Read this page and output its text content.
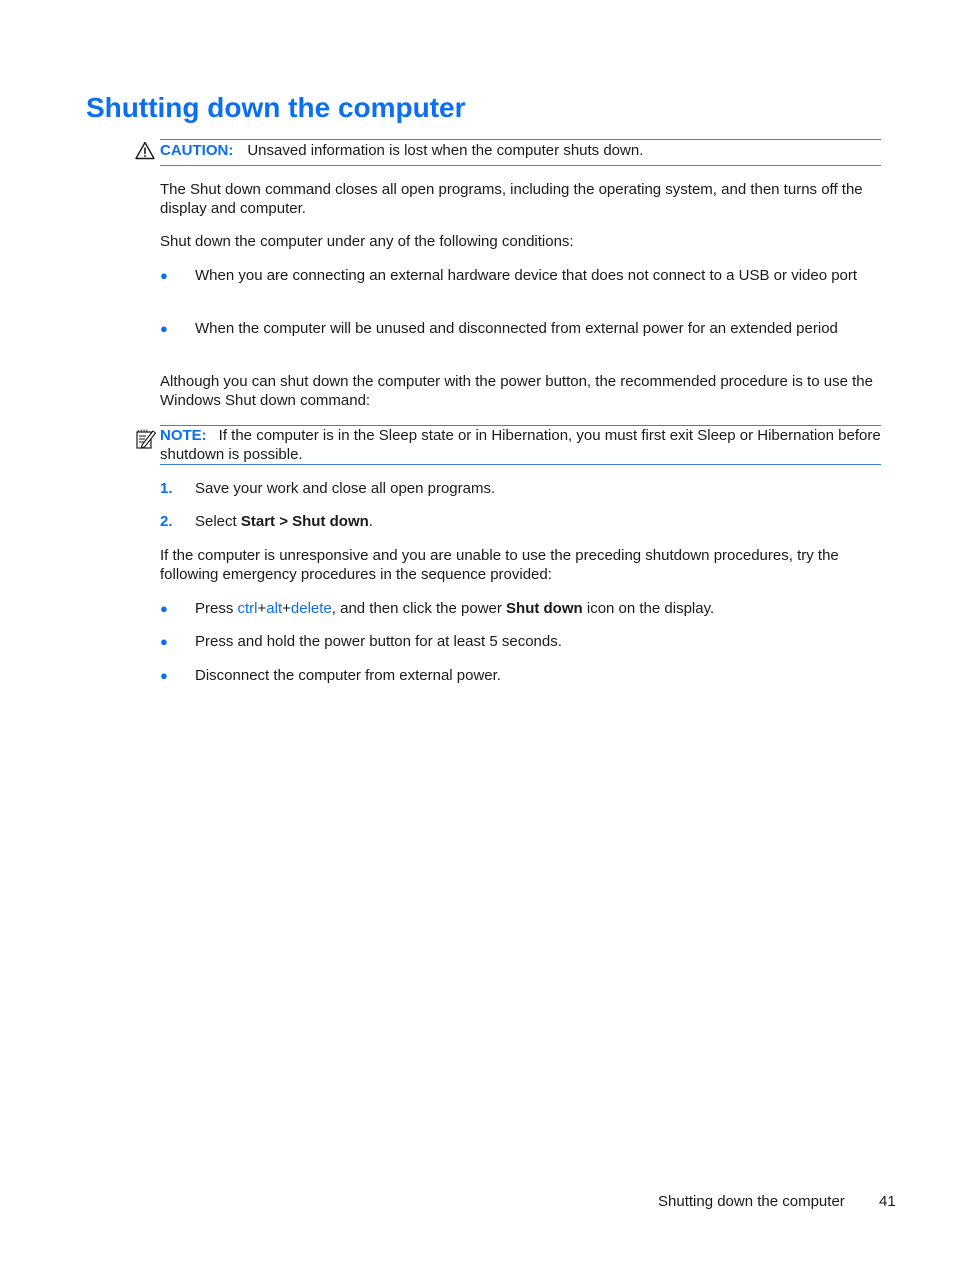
Shutting down the computer
CAUTION: Unsaved information is lost when the computer shuts down.

The Shut down command closes all open programs, including the operating system, and then turns off the display and computer.

Shut down the computer under any of the following conditions:

● When you are connecting an external hardware device that does not connect to a USB or video port
● When the computer will be unused and disconnected from external power for an extended period

Although you can shut down the computer with the power button, the recommended procedure is to use the Windows Shut down command:

NOTE: If the computer is in the Sleep state or in Hibernation, you must first exit Sleep or Hibernation before shutdown is possible.
1. Save your work and close all open programs.
2. Select Start > Shut down.

If the computer is unresponsive and you are unable to use the preceding shutdown procedures, try the following emergency procedures in the sequence provided:

● Press ctrl+alt+delete, and then click the power Shut down icon on the display.
● Press and hold the power button for at least 5 seconds.
● Disconnect the computer from external power.
Shutting down the computer 41
